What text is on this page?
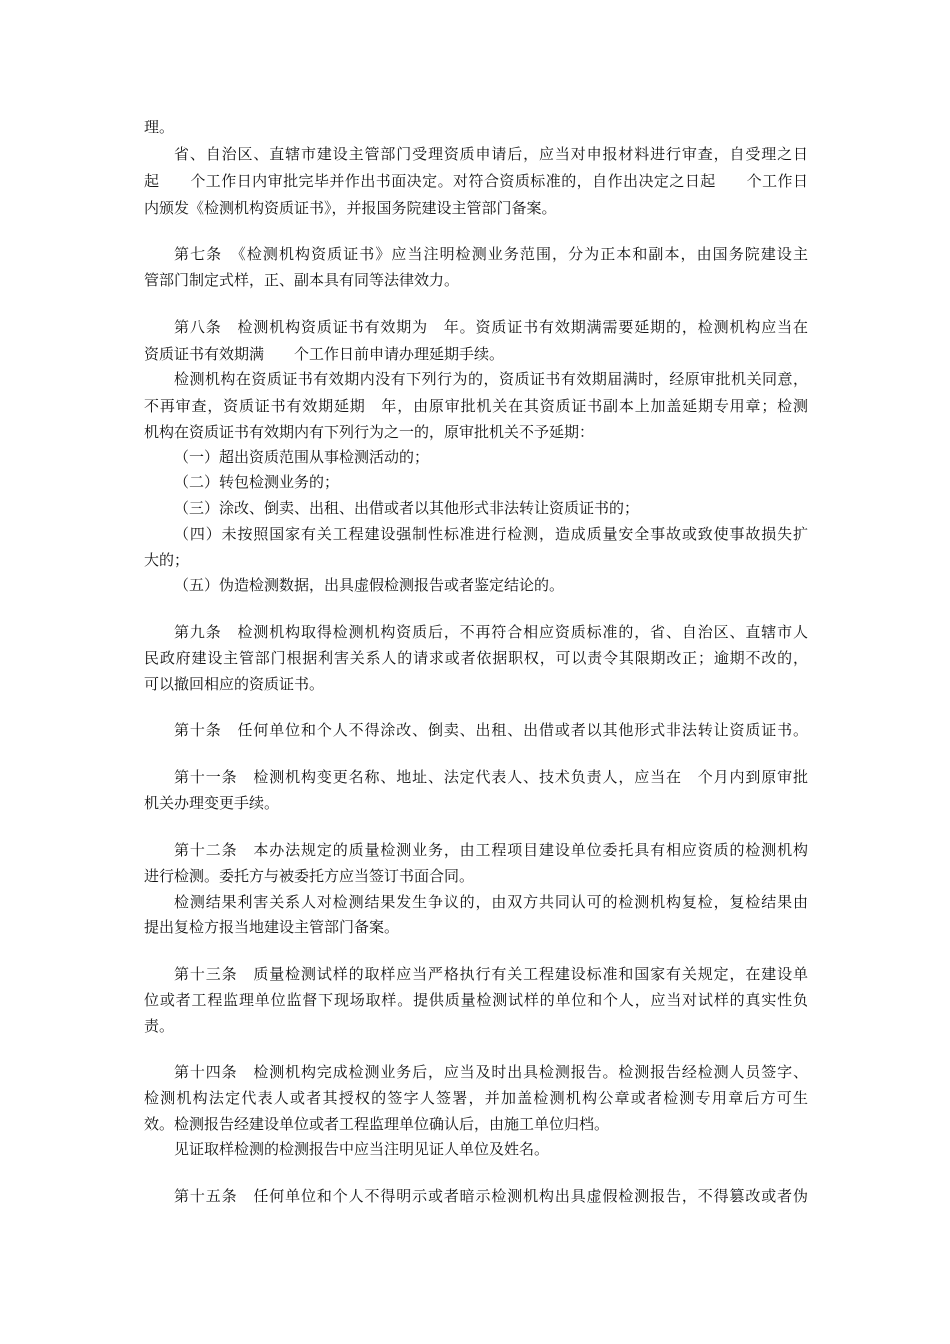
理。
省、自治区、直辖市建设主管部门受理资质申请后，应当对申报材料进行审查，自受理之日
起　　个工作日内审批完毕并作出书面决定。对符合资质标准的，自作出决定之日起　　个工作日
内颁发《检测机构资质证书》，并报国务院建设主管部门备案。
第七条　《检测机构资质证书》应当注明检测业务范围，分为正本和副本，由国务院建设主
管部门制定式样，正、副本具有同等法律效力。
第八条　检测机构资质证书有效期为　年。资质证书有效期满需要延期的，检测机构应当在
资质证书有效期满　　个工作日前申请办理延期手续。
检测机构在资质证书有效期内没有下列行为的，资质证书有效期届满时，经原审批机关同意，
不再审查，资质证书有效期延期　年，由原审批机关在其资质证书副本上加盖延期专用章；检测
机构在资质证书有效期内有下列行为之一的，原审批机关不予延期：
（一）超出资质范围从事检测活动的；
（二）转包检测业务的；
（三）涂改、倒卖、出租、出借或者以其他形式非法转让资质证书的；
（四）未按照国家有关工程建设强制性标准进行检测，造成质量安全事故或致使事故损失扩
大的；
（五）伪造检测数据，出具虚假检测报告或者鉴定结论的。
第九条　检测机构取得检测机构资质后，不再符合相应资质标准的，省、自治区、直辖市人
民政府建设主管部门根据利害关系人的请求或者依据职权，可以责令其限期改正；逾期不改的，
可以撤回相应的资质证书。
第十条　任何单位和个人不得涂改、倒卖、出租、出借或者以其他形式非法转让资质证书。
第十一条　检测机构变更名称、地址、法定代表人、技术负责人，应当在　个月内到原审批
机关办理变更手续。
第十二条　本办法规定的质量检测业务，由工程项目建设单位委托具有相应资质的检测机构
进行检测。委托方与被委托方应当签订书面合同。
检测结果利害关系人对检测结果发生争议的，由双方共同认可的检测机构复检，复检结果由
提出复检方报当地建设主管部门备案。
第十三条　质量检测试样的取样应当严格执行有关工程建设标准和国家有关规定，在建设单
位或者工程监理单位监督下现场取样。提供质量检测试样的单位和个人，应当对试样的真实性负
责。
第十四条　检测机构完成检测业务后，应当及时出具检测报告。检测报告经检测人员签字、
检测机构法定代表人或者其授权的签字人签署，并加盖检测机构公章或者检测专用章后方可生
效。检测报告经建设单位或者工程监理单位确认后，由施工单位归档。
见证取样检测的检测报告中应当注明见证人单位及姓名。
第十五条　任何单位和个人不得明示或者暗示检测机构出具虚假检测报告，不得篡改或者伪
